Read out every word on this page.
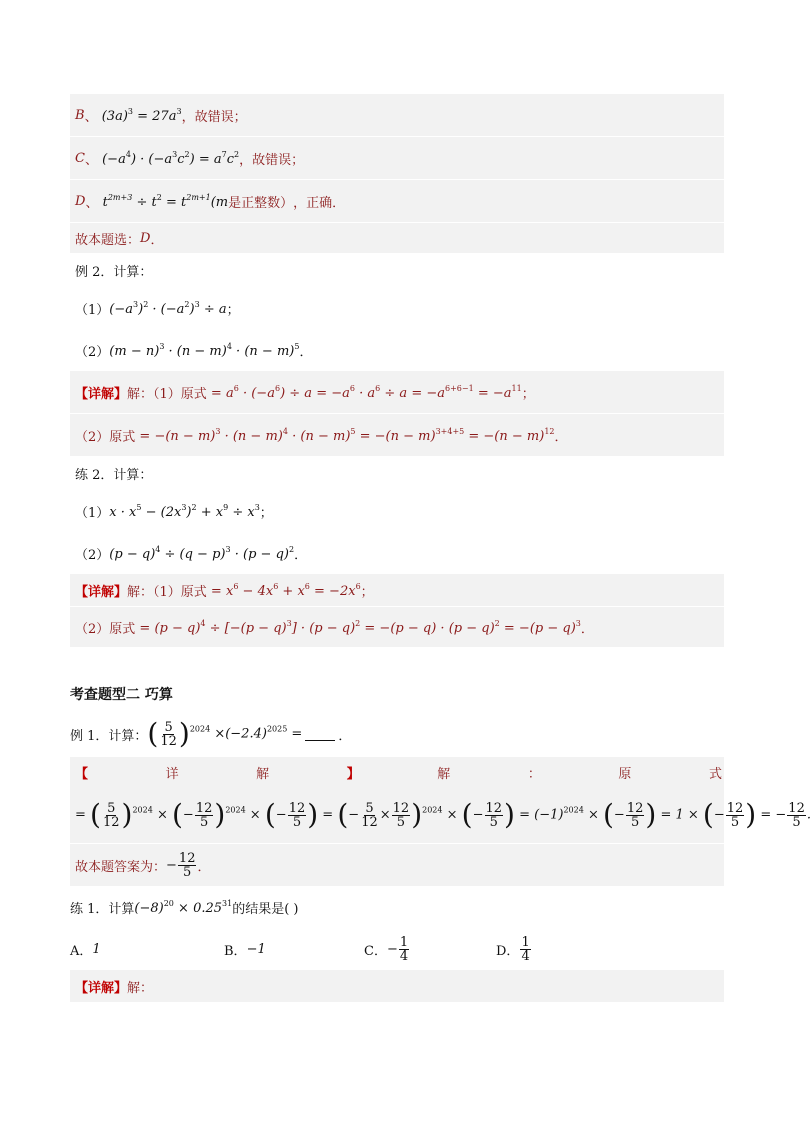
B 、 $(3a)^3 = 27a^3$ ，故错误；
C 、 $(-a^4) \cdot (-a^3c^2) = a^7c^2$ ，故错误；
D 、 $t^{2m+3} \div t^2 = t^{2m+1}(m$ 是正整数） ，正确．
故本题选： D ．
例 2．计算：
（1） $(-a^3)^2 \cdot (-a^2)^3 \div a$ ；
（2） $(m - n)^3 \cdot (n - m)^4 \cdot (n - m)^5$ ．
【详解】 解：（1）原式 = $a^6 \cdot (-a^6) \div a = -a^6 \cdot a^6 \div a = -a^{6+6-1} = -a^{11}$ ；
（2）原式 = $-(n - m)^3 \cdot (n - m)^4 \cdot (n - m)^5 = -(n - m)^{3+4+5} = -(n - m)^{12}$ ．
练 2．计算：
（1） $x \cdot x^5 - (2x^3)^2 + x^9 \div x^3$ ；
（2） $(p - q)^4 \div (q - p)^3 \cdot (p - q)^2$ ．
【详解】 解：（1）原式 = $x^6 - 4x^6 + x^6 = -2x^6$ ；
（2）原式 = $(p - q)^4 \div [-(p - q)^3] \cdot (p - q)^2 = -(p - q) \cdot (p - q)^2 = -(p - q)^3$ ．
考查题型二 巧算
例 1．计算： ( $\frac{5}{12} )^{2024} \times(-2.4)^{2025}$ =	．
【	详	解	】	解	：	原	式
= ( $\frac{5}{12} )^{2024}$ × (− $\frac{12}{5} )^{2024}$ × (− $\frac{12}{5}$ ) = (− $\frac{5}{12} \times \frac{12}{5} )^{2024}$ × (− $\frac{12}{5}$ ) = $(-1)^{2024}$ × (− $\frac{12}{5}$ ) = 1 × (− $\frac{12}{5}$ ) = − $\frac{12}{5}$ .
故本题答案为： − $\frac{12}{5}$ ．
练 1．计算 $(-8)^{20} \times 0.25^{31}$ 的结果是( )
A． 1	B． −1	C． − $\frac{1}{4}$	D． $\frac{1}{4}$
【详解】 解：
